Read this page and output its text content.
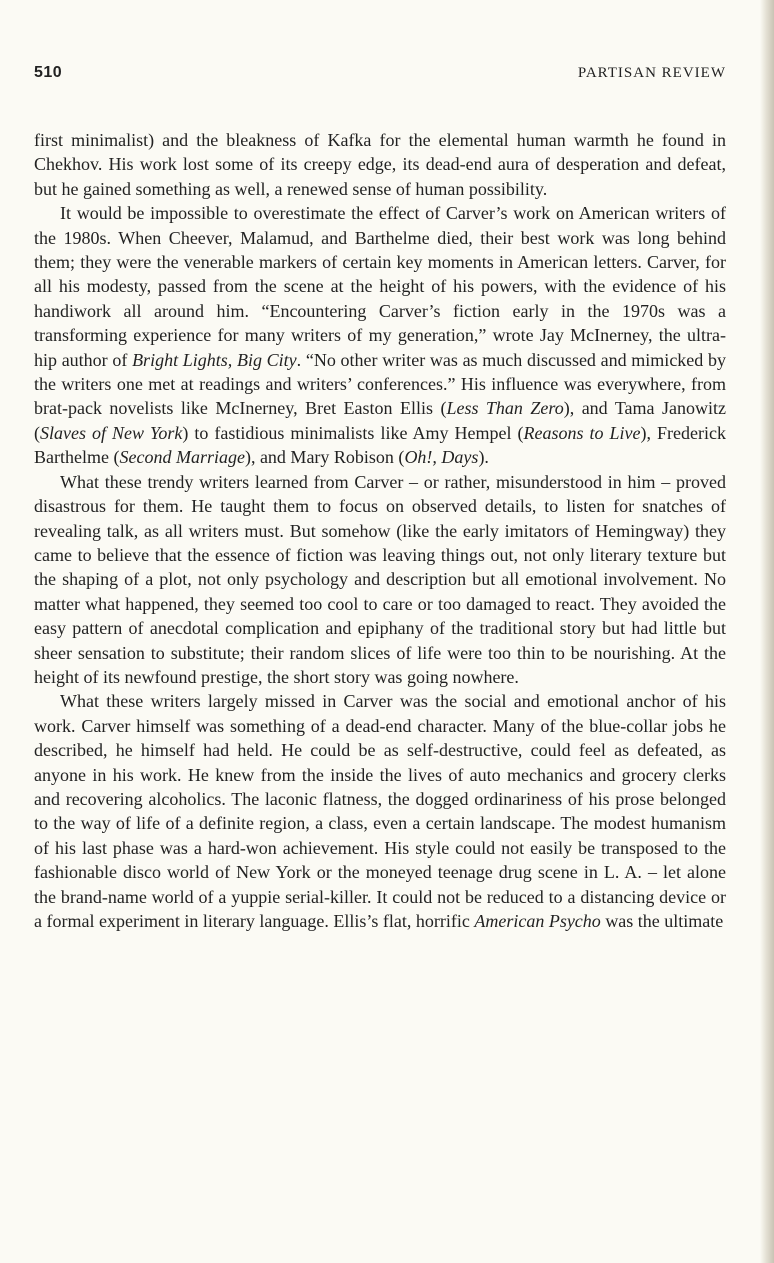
510	PARTISAN REVIEW

first minimalist) and the bleakness of Kafka for the elemental human warmth he found in Chekhov. His work lost some of its creepy edge, its dead-end aura of desperation and defeat, but he gained something as well, a renewed sense of human possibility.

It would be impossible to overestimate the effect of Carver’s work on American writers of the 1980s. When Cheever, Malamud, and Barthelme died, their best work was long behind them; they were the venerable markers of certain key moments in American letters. Carver, for all his modesty, passed from the scene at the height of his powers, with the evidence of his handiwork all around him. “Encountering Carver’s fiction early in the 1970s was a transforming experience for many writers of my generation,” wrote Jay McInerney, the ultra-hip author of Bright Lights, Big City. “No other writer was as much discussed and mimicked by the writers one met at readings and writers’ conferences.” His influence was everywhere, from brat-pack novelists like McInerney, Bret Easton Ellis (Less Than Zero), and Tama Janowitz (Slaves of New York) to fastidious minimalists like Amy Hempel (Reasons to Live), Frederick Barthelme (Second Marriage), and Mary Robison (Oh!, Days).

What these trendy writers learned from Carver – or rather, misunderstood in him – proved disastrous for them. He taught them to focus on observed details, to listen for snatches of revealing talk, as all writers must. But somehow (like the early imitators of Hemingway) they came to believe that the essence of fiction was leaving things out, not only literary texture but the shaping of a plot, not only psychology and description but all emotional involvement. No matter what happened, they seemed too cool to care or too damaged to react. They avoided the easy pattern of anecdotal complication and epiphany of the traditional story but had little but sheer sensation to substitute; their random slices of life were too thin to be nourishing. At the height of its newfound prestige, the short story was going nowhere.

What these writers largely missed in Carver was the social and emotional anchor of his work. Carver himself was something of a dead-end character. Many of the blue-collar jobs he described, he himself had held. He could be as self-destructive, could feel as defeated, as anyone in his work. He knew from the inside the lives of auto mechanics and grocery clerks and recovering alcoholics. The laconic flatness, the dogged ordinariness of his prose belonged to the way of life of a definite region, a class, even a certain landscape. The modest humanism of his last phase was a hard-won achievement. His style could not easily be transposed to the fashionable disco world of New York or the moneyed teenage drug scene in L. A. – let alone the brand-name world of a yuppie serial-killer. It could not be reduced to a distancing device or a formal experiment in literary language. Ellis’s flat, horrific American Psycho was the ultimate
